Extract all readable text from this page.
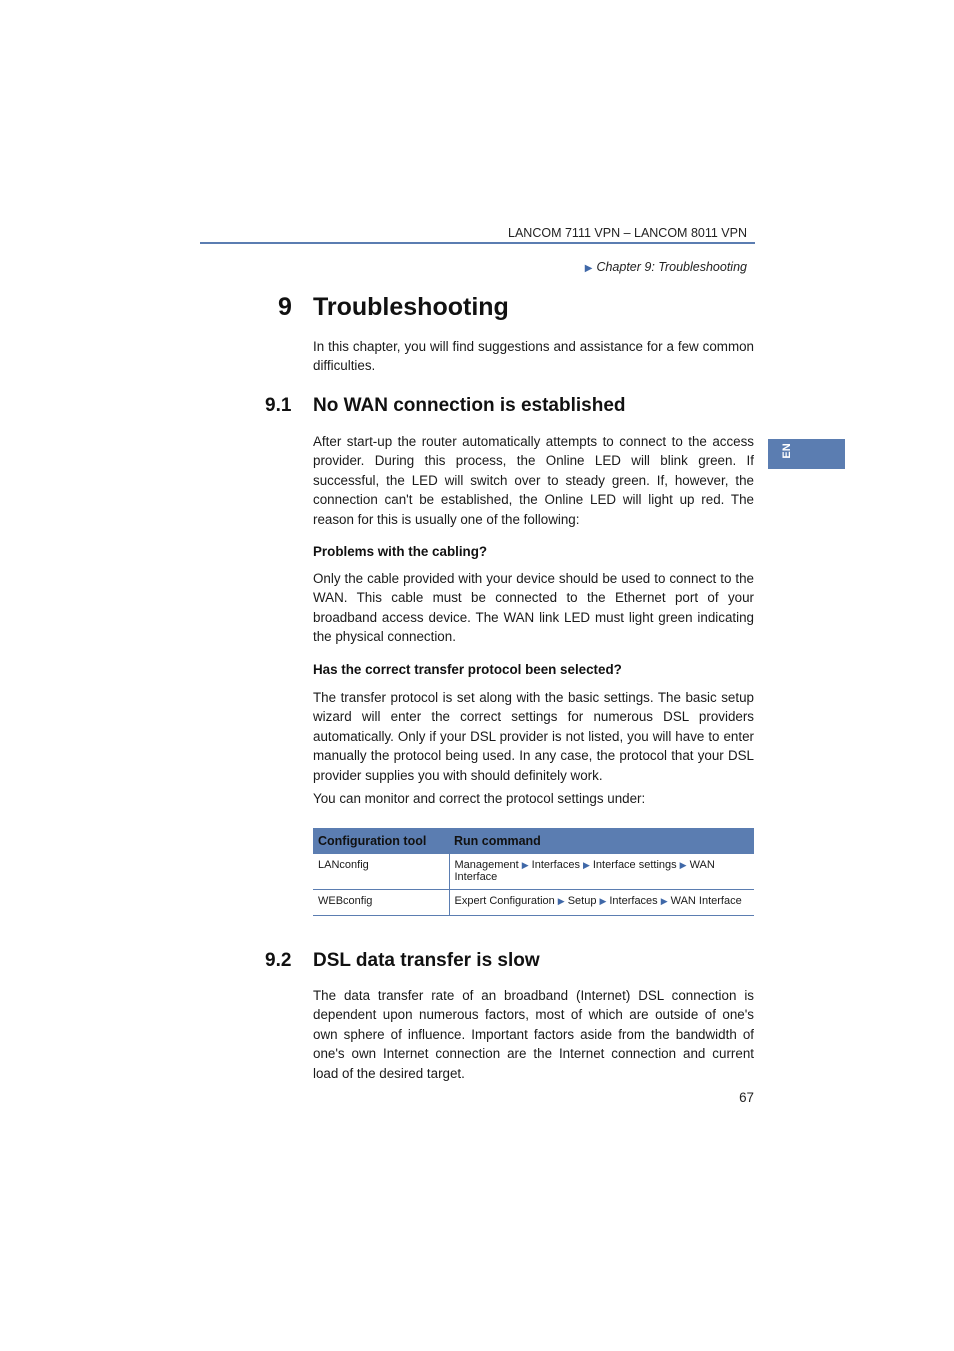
LANCOM 7111 VPN – LANCOM 8011 VPN
▶ Chapter 9: Troubleshooting
EN
9 Troubleshooting
In this chapter, you will find suggestions and assistance for a few common difficulties.
9.1 No WAN connection is established
After start-up the router automatically attempts to connect to the access provider. During this process, the Online LED will blink green. If successful, the LED will switch over to steady green. If, however, the connection can't be established, the Online LED will light up red. The reason for this is usually one of the following:
Problems with the cabling?
Only the cable provided with your device should be used to connect to the WAN. This cable must be connected to the Ethernet port of your broadband access device. The WAN link LED must light green indicating the physical connection.
Has the correct transfer protocol been selected?
The transfer protocol is set along with the basic settings. The basic setup wizard will enter the correct settings for numerous DSL providers automatically. Only if your DSL provider is not listed, you will have to enter manually the protocol being used. In any case, the protocol that your DSL provider supplies you with should definitely work.
You can monitor and correct the protocol settings under:
Configuration tool	Run command
LANconfig	Management ▶ Interfaces ▶ Interface settings ▶ WAN Interface
WEBconfig	Expert Configuration ▶ Setup ▶ Interfaces ▶ WAN Interface
9.2 DSL data transfer is slow
The data transfer rate of an broadband (Internet) DSL connection is dependent upon numerous factors, most of which are outside of one's own sphere of influence. Important factors aside from the bandwidth of one's own Internet connection are the Internet connection and current load of the desired target.
67
